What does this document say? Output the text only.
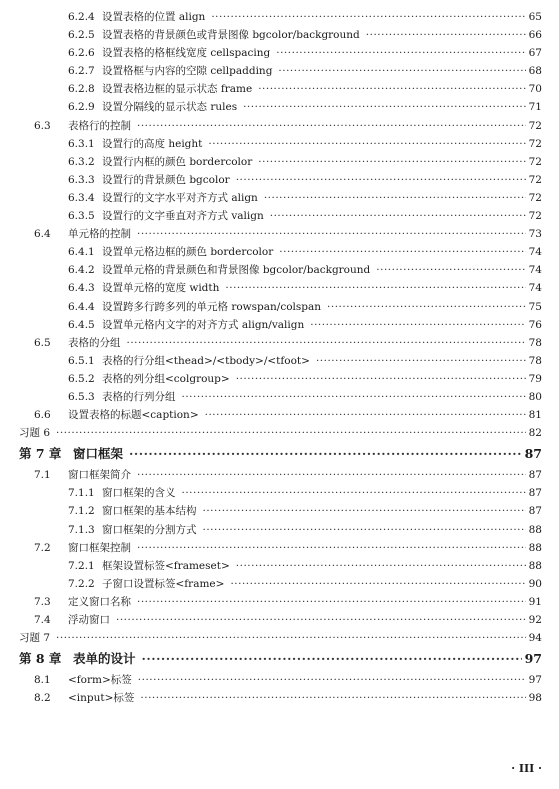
6.2.4 设置表格的位置 align ·····	65
6.2.5 设置表格的背景颜色或背景图像 bgcolor/background ·····	66
6.2.6 设置表格的格框线宽度 cellspacing ·····	67
6.2.7 设置格框与内容的空隙 cellpadding ·····	68
6.2.8 设置表格边框的显示状态 frame ·····	70
6.2.9 设置分隔线的显示状态 rules ·····	71
6.3 表格行的控制 ·····	72
6.3.1 设置行的高度 height ·····	72
6.3.2 设置行内框的颜色 bordercolor ·····	72
6.3.3 设置行的背景颜色 bgcolor ·····	72
6.3.4 设置行的文字水平对齐方式 align ·····	72
6.3.5 设置行的文字垂直对齐方式 valign ·····	72
6.4 单元格的控制 ·····	73
6.4.1 设置单元格边框的颜色 bordercolor ·····	74
6.4.2 设置单元格的背景颜色和背景图像 bgcolor/background ·····	74
6.4.3 设置单元格的宽度 width ·····	74
6.4.4 设置跨多行跨多列的单元格 rowspan/colspan ·····	75
6.4.5 设置单元格内文字的对齐方式 align/valign ·····	76
6.5 表格的分组 ·····	78
6.5.1 表格的行分组<thead>/<tbody>/<tfoot> ·····	78
6.5.2 表格的列分组<colgroup> ·····	79
6.5.3 表格的行列分组 ·····	80
6.6 设置表格的标题<caption> ·····	81
习题 6 ·····	82
第 7 章 窗口框架 ·····	87
7.1 窗口框架简介 ·····	87
7.1.1 窗口框架的含义 ·····	87
7.1.2 窗口框架的基本结构 ·····	87
7.1.3 窗口框架的分割方式 ·····	88
7.2 窗口框架控制 ·····	88
7.2.1 框架设置标签<frameset> ·····	88
7.2.2 子窗口设置标签<frame> ·····	90
7.3 定义窗口名称 ·····	91
7.4 浮动窗口 ·····	92
习题 7 ·····	94
第 8 章 表单的设计 ·····	97
8.1 <form>标签 ·····	97
8.2 <input>标签 ·····	98
· III ·
